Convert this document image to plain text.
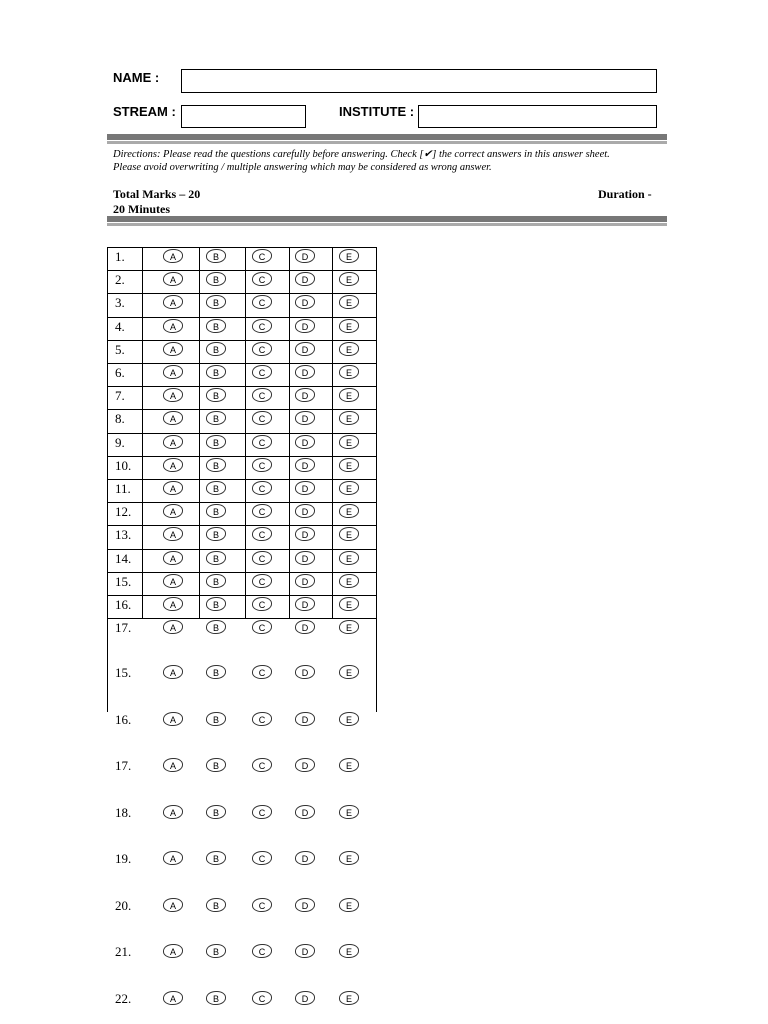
NAME :
STREAM :	INSTITUTE :
Directions: Please read the questions carefully before answering. Check [✔] the correct answers in this answer sheet.
Please avoid overwriting / multiple answering which may be considered as wrong answer.
Total Marks – 20	Duration -
20 Minutes
1.	A	B	C	D	E
2.	A	B	C	D	E
3.	A	B	C	D	E
4.	A	B	C	D	E
5.	A	B	C	D	E
6.	A	B	C	D	E
7.	A	B	C	D	E
8.	A	B	C	D	E
9.	A	B	C	D	E
10.	A	B	C	D	E
11.	A	B	C	D	E
12.	A	B	C	D	E
13.	A	B	C	D	E
14.	A	B	C	D	E
15.	A	B	C	D	E
16.	A	B	C	D	E
17.	A	B	C	D	E
15.	A	B	C	D	E
16.	A	B	C	D	E
17.	A	B	C	D	E
18.	A	B	C	D	E
19.	A	B	C	D	E
20.	A	B	C	D	E
21.	A	B	C	D	E
22.	A	B	C	D	E
